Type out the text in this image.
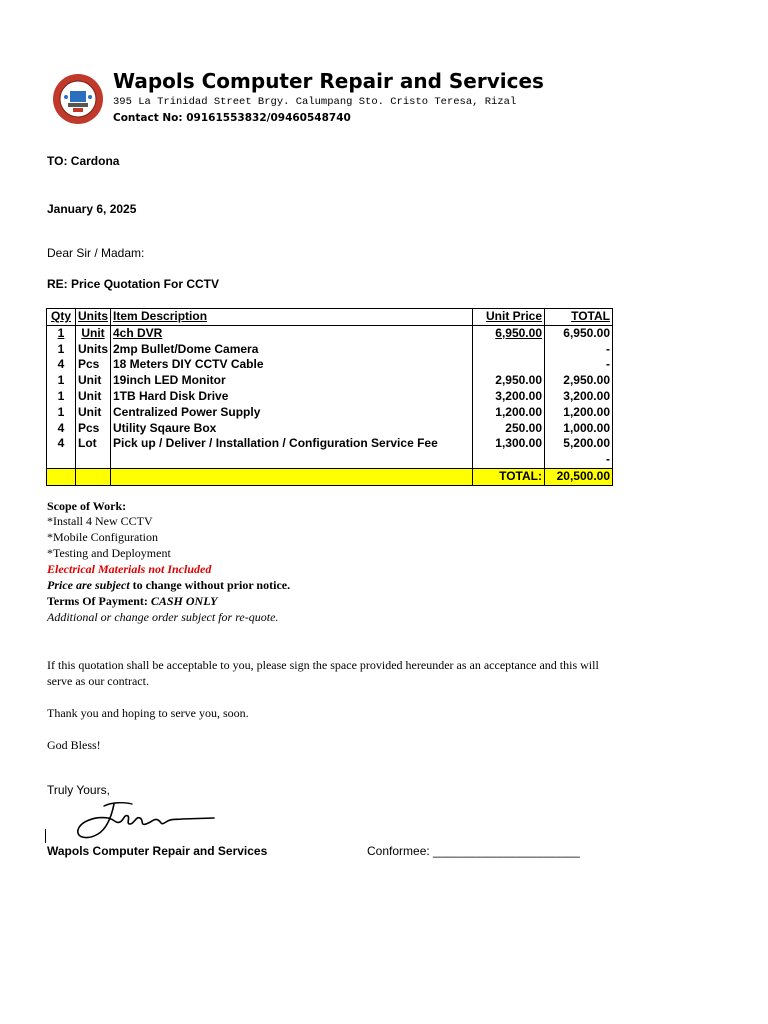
Wapols Computer Repair and Services
395 La Trinidad Street Brgy. Calumpang Sto. Cristo Teresa, Rizal
Contact No: 09161553832/09460548740
TO: Cardona
January 6, 2025
Dear Sir / Madam:
RE: Price Quotation For CCTV
Qty	Units	Item Description	Unit Price	TOTAL
1	Unit	4ch DVR	6,950.00	6,950.00
1	Units	2mp Bullet/Dome Camera		-
4	Pcs	18 Meters DIY CCTV Cable		-
1	Unit	19inch LED Monitor	2,950.00	2,950.00
1	Unit	1TB Hard Disk Drive	3,200.00	3,200.00
1	Unit	Centralized Power Supply	1,200.00	1,200.00
4	Pcs	Utility Sqaure Box	250.00	1,000.00
4	Lot	Pick up / Deliver / Installation / Configuration Service Fee	1,300.00	5,200.00
				-
			TOTAL:	20,500.00
Scope of Work:
*Install 4 New CCTV
*Mobile Configuration
*Testing and Deployment
Electrical Materials not Included
Price are subject to change without prior notice.
Terms Of Payment: CASH ONLY
Additional or change order subject for re-quote.
If this quotation shall be acceptable to you, please sign the space provided hereunder as an acceptance and this will
serve as our contract.
Thank you and hoping to serve you, soon.
God Bless!
Truly Yours,
Wapols Computer Repair and Services	Conformee: ______________________
